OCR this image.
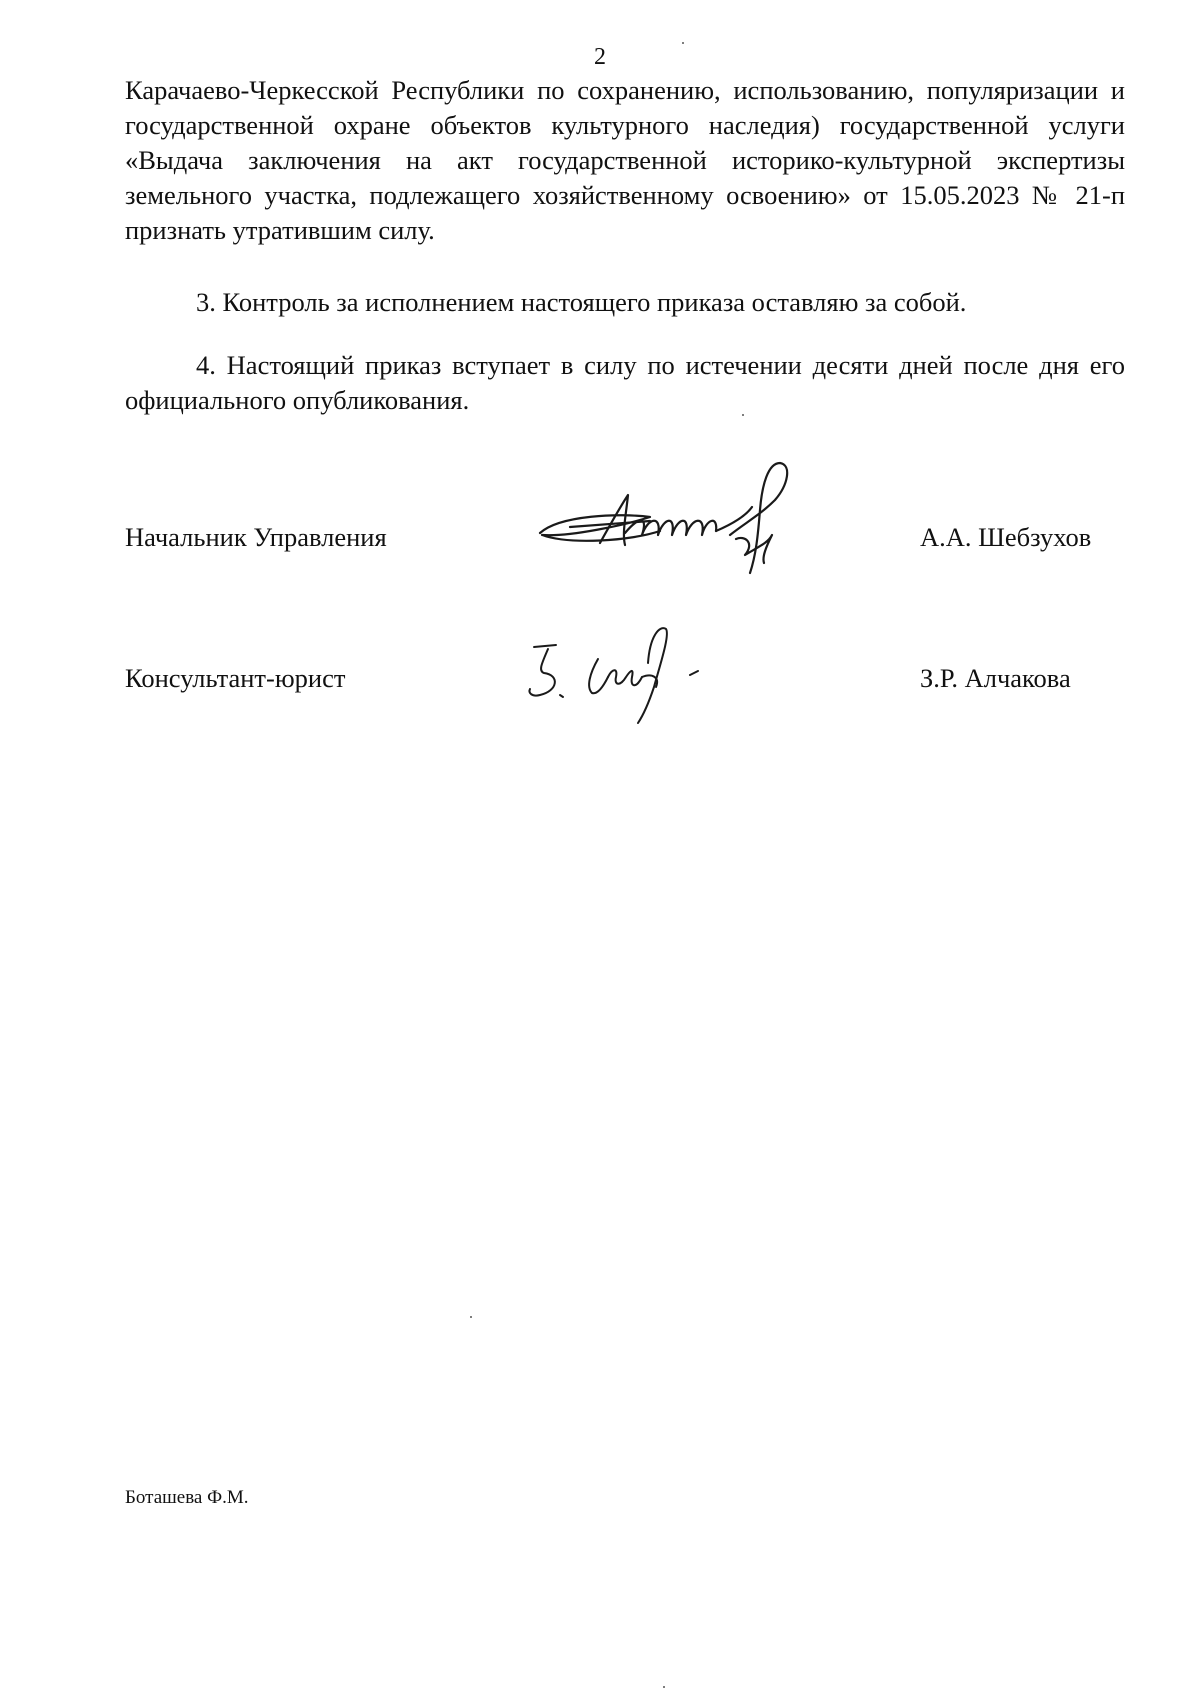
2

Карачаево-Черкесской Республики по сохранению, использованию, популяризации и государственной охране объектов культурного наследия) государственной услуги «Выдача заключения на акт государственной историко-культурной экспертизы земельного участка, подлежащего хозяйственному освоению» от 15.05.2023 № 21-п признать утратившим силу.

3. Контроль за исполнением настоящего приказа оставляю за собой.

4. Настоящий приказ вступает в силу по истечении десяти дней после дня его официального опубликования.

Начальник Управления	А.А. Шебзухов
Консультант-юрист	З.Р. Алчакова
Боташева Ф.М.
